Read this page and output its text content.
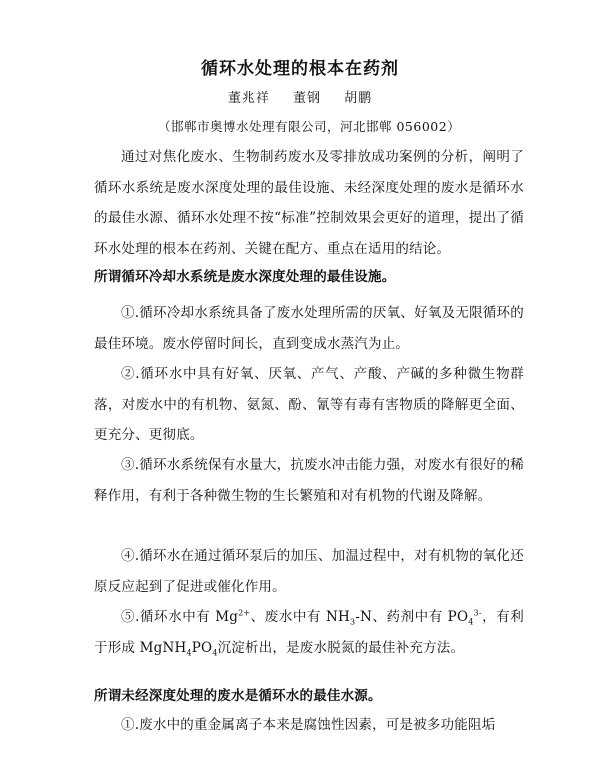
循环水处理的根本在药剂
董兆祥 董钢 胡鹏
（邯郸市奥博水处理有限公司，河北邯郸 056002）
通过对焦化废水、生物制药废水及零排放成功案例的分析，阐明了循环水系统是废水深度处理的最佳设施、未经深度处理的废水是循环水的最佳水源、循环水处理不按“标准”控制效果会更好的道理，提出了循环水处理的根本在药剂、关键在配方、重点在适用的结论。
所谓循环冷却水系统是废水深度处理的最佳设施。
①.循环冷却水系统具备了废水处理所需的厌氧、好氧及无限循环的最佳环境。废水停留时间长，直到变成水蒸汽为止。
②.循环水中具有好氧、厌氧、产气、产酸、产碱的多种微生物群落，对废水中的有机物、氨氮、酚、氰等有毒有害物质的降解更全面、更充分、更彻底。
③.循环水系统保有水量大，抗废水冲击能力强，对废水有很好的稀释作用，有利于各种微生物的生长繁殖和对有机物的代谢及降解。
④.循环水在通过循环泵后的加压、加温过程中，对有机物的氧化还原反应起到了促进或催化作用。
⑤.循环水中有 $Mg^{2+}$、废水中有 $NH_3-N$、药剂中有 $PO_4^{3-}$，有利于形成 $MgNH_4PO_4$沉淀析出，是废水脱氮的最佳补充方法。
所谓未经深度处理的废水是循环水的最佳水源。
①.废水中的重金属离子本来是腐蚀性因素，可是被多功能阻垢
